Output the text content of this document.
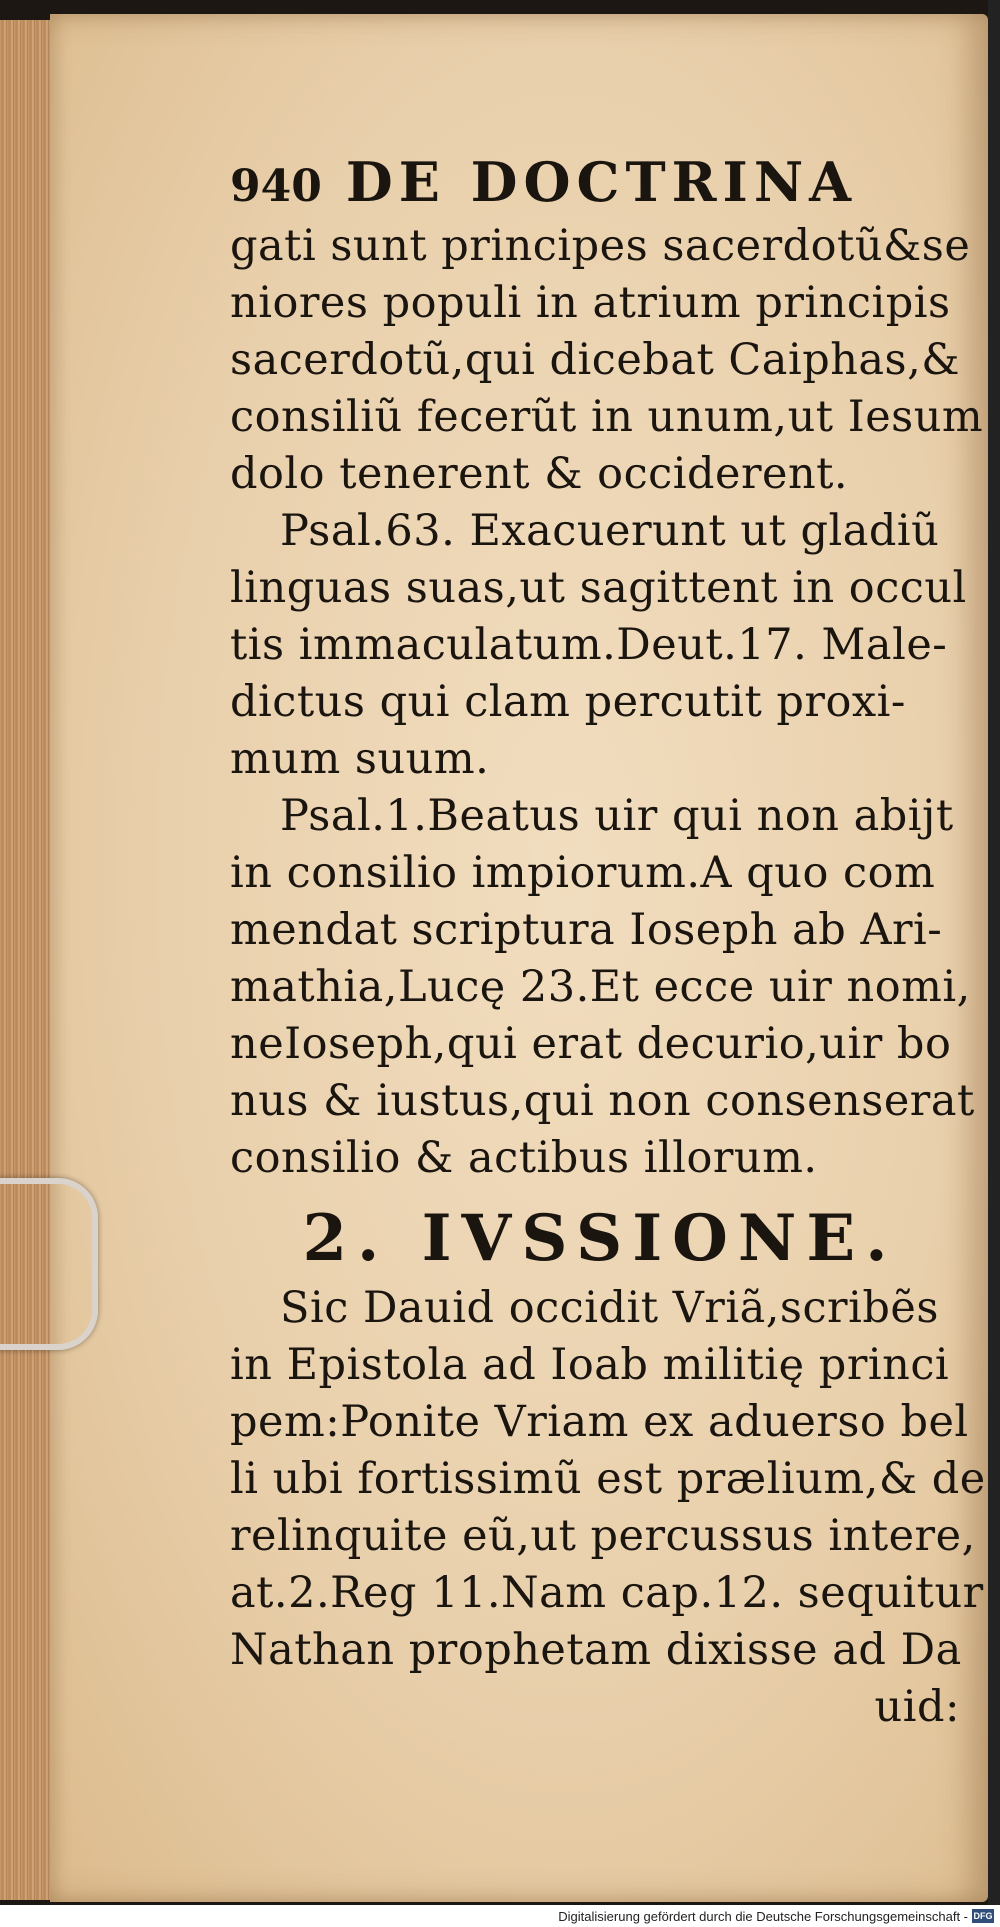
940 DE DOCTRINA
gati sunt principes sacerdotũ&se
niores populi in atrium principis
sacerdotũ,qui dicebat Caiphas,&
consiliũ fecerũt in unum,ut Iesum
dolo tenerent & occiderent.
Psal.63. Exacuerunt ut gladiũ
linguas suas,ut sagittent in occul
tis immaculatum.Deut.17. Male-
dictus qui clam percutit proxi-
mum suum.
Psal.1.Beatus uir qui non abijt
in consilio impiorum.A quo com
mendat scriptura Ioseph ab Ari-
mathia,Lucę 23.Et ecce uir nomi,
neIoseph,qui erat decurio,uir bo
nus & iustus,qui non consenserat
consilio & actibus illorum.
2. IVSSIONE.
Sic Dauid occidit Vriã,scribẽs
in Epistola ad Ioab militię princi
pem:Ponite Vriam ex aduerso bel
li ubi fortissimũ est prælium,& de
relinquite eũ,ut percussus intere,
at.2.Reg 11.Nam cap.12. sequitur
Nathan prophetam dixisse ad Da
uid:
Digitalisierung gefördert durch die Deutsche Forschungsgemeinschaft - DFG
